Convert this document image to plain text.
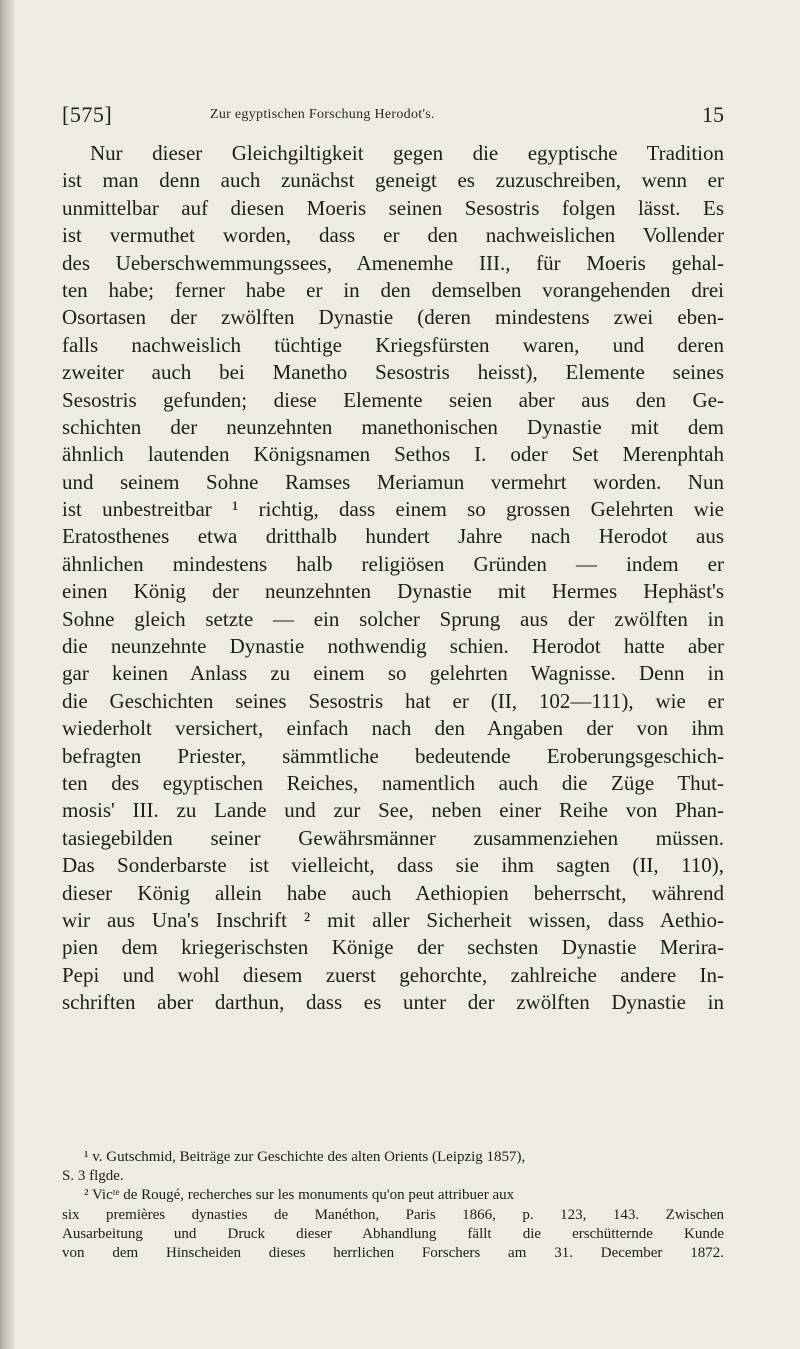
[575]	Zur egyptischen Forschung Herodot's.	15
Nur dieser Gleichgiltigkeit gegen die egyptische Tradition
ist man denn auch zunächst geneigt es zuzuschreiben, wenn er
unmittelbar auf diesen Moeris seinen Sesostris folgen lässt. Es
ist vermuthet worden, dass er den nachweislichen Vollender
des Ueberschwemmungssees, Amenemhe III., für Moeris gehal-
ten habe; ferner habe er in den demselben vorangehenden drei
Osortasen der zwölften Dynastie (deren mindestens zwei eben-
falls nachweislich tüchtige Kriegsfürsten waren, und deren
zweiter auch bei Manetho Sesostris heisst), Elemente seines
Sesostris gefunden; diese Elemente seien aber aus den Ge-
schichten der neunzehnten manethonischen Dynastie mit dem
ähnlich lautenden Königsnamen Sethos I. oder Set Merenphtah
und seinem Sohne Ramses Meriamun vermehrt worden. Nun
ist unbestreitbar ¹ richtig, dass einem so grossen Gelehrten wie
Eratosthenes etwa dritthalb hundert Jahre nach Herodot aus
ähnlichen mindestens halb religiösen Gründen — indem er
einen König der neunzehnten Dynastie mit Hermes Hephäst's
Sohne gleich setzte — ein solcher Sprung aus der zwölften in
die neunzehnte Dynastie nothwendig schien. Herodot hatte aber
gar keinen Anlass zu einem so gelehrten Wagnisse. Denn in
die Geschichten seines Sesostris hat er (II, 102—111), wie er
wiederholt versichert, einfach nach den Angaben der von ihm
befragten Priester, sämmtliche bedeutende Eroberungsgeschich-
ten des egyptischen Reiches, namentlich auch die Züge Thut-
mosis' III. zu Lande und zur See, neben einer Reihe von Phan-
tasiegebilden seiner Gewährsmänner zusammenziehen müssen.
Das Sonderbarste ist vielleicht, dass sie ihm sagten (II, 110),
dieser König allein habe auch Aethiopien beherrscht, während
wir aus Una's Inschrift ² mit aller Sicherheit wissen, dass Aethio-
pien dem kriegerischsten Könige der sechsten Dynastie Merira-
Pepi und wohl diesem zuerst gehorchte, zahlreiche andere In-
schriften aber darthun, dass es unter der zwölften Dynastie in
¹ v. Gutschmid, Beiträge zur Geschichte des alten Orients (Leipzig 1857),
S. 3 flgde.
² Vicᵗᵉ de Rougé, recherches sur les monuments qu'on peut attribuer aux
six premières dynasties de Manéthon, Paris 1866, p. 123, 143. Zwischen
Ausarbeitung und Druck dieser Abhandlung fällt die erschütternde Kunde
von dem Hinscheiden dieses herrlichen Forschers am 31. December 1872.
